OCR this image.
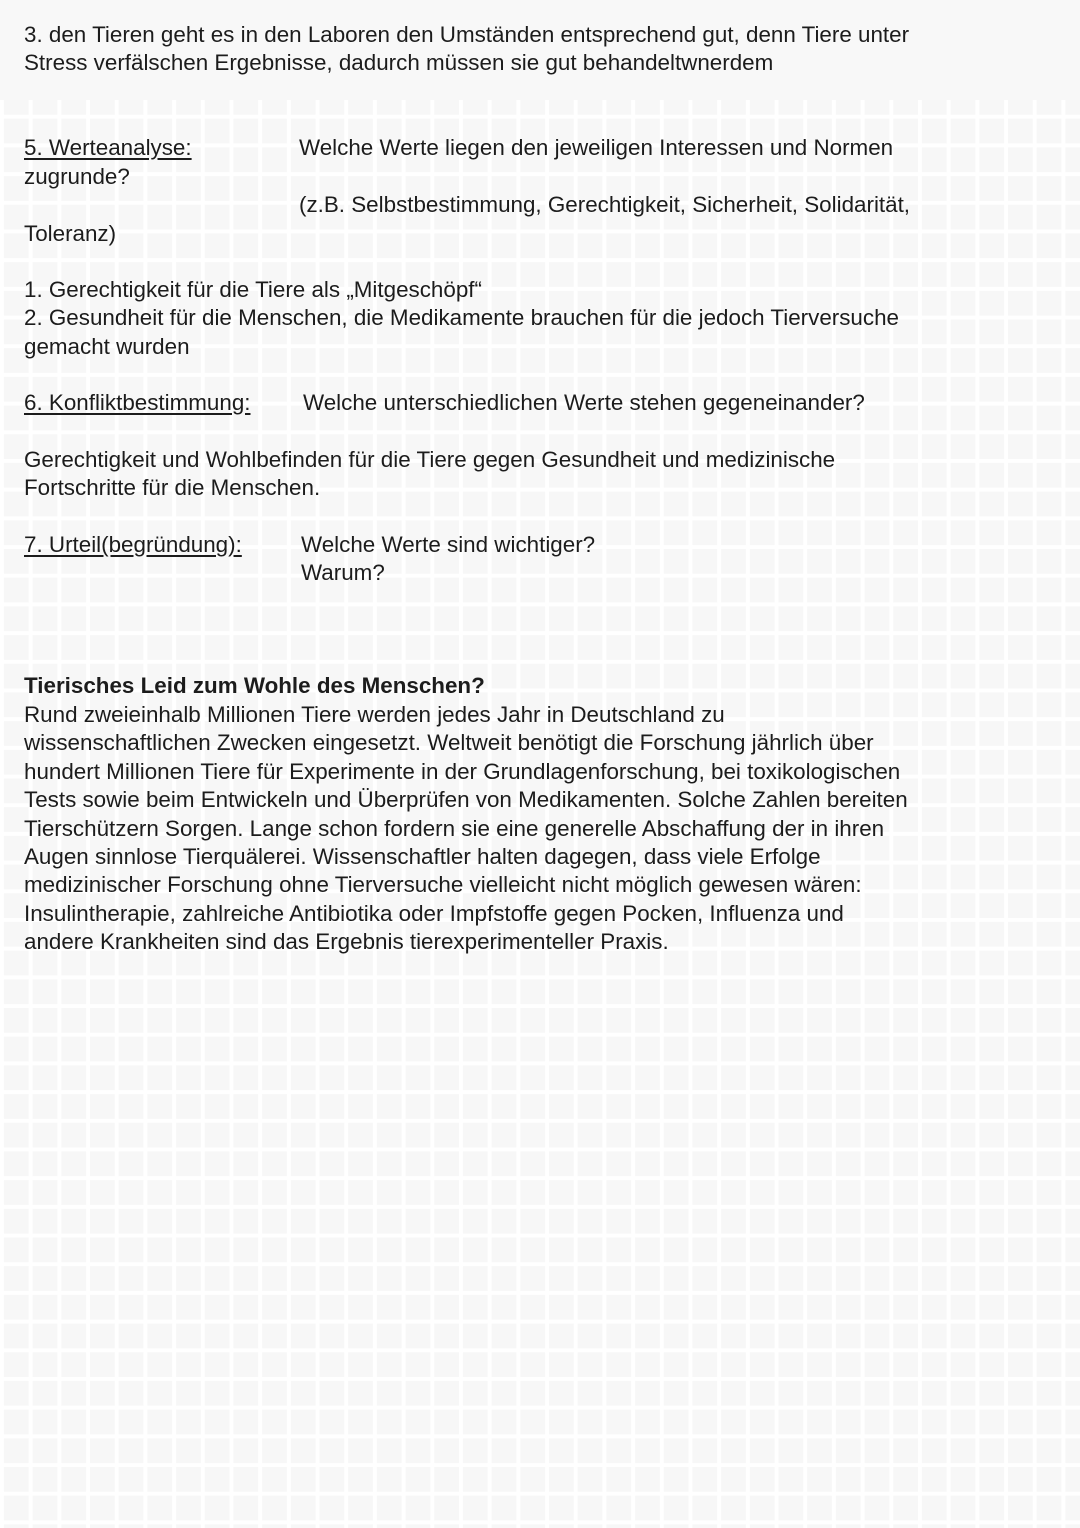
3. den Tieren geht es in den Laboren den Umständen entsprechend gut, denn Tiere unter

Stress verfälschen Ergebnisse, dadurch müssen sie gut behandeltwnerdem

5. Werteanalyse:	Welche Werte liegen den jeweiligen Interessen und Normen

zugrunde?

(z.B. Selbstbestimmung, Gerechtigkeit, Sicherheit, Solidarität,

Toleranz)

1. Gerechtigkeit für die Tiere als „Mitgeschöpf“

2. Gesundheit für die Menschen, die Medikamente brauchen für die jedoch Tierversuche

gemacht wurden

6. Konfliktbestimmung: Welche unterschiedlichen Werte stehen gegeneinander?

Gerechtigkeit und Wohlbefinden für die Tiere gegen Gesundheit und medizinische

Fortschritte für die Menschen.

7. Urteil(begründung):	Welche Werte sind wichtiger?

Warum?

Tierisches Leid zum Wohle des Menschen?

Rund zweieinhalb Millionen Tiere werden jedes Jahr in Deutschland zu

wissenschaftlichen Zwecken eingesetzt. Weltweit benötigt die Forschung jährlich über

hundert Millionen Tiere für Experimente in der Grundlagenforschung, bei toxikologischen

Tests sowie beim Entwickeln und Überprüfen von Medikamenten. Solche Zahlen bereiten

Tierschützern Sorgen. Lange schon fordern sie eine generelle Abschaffung der in ihren

Augen sinnlose Tierquälerei. Wissenschaftler halten dagegen, dass viele Erfolge

medizinischer Forschung ohne Tierversuche vielleicht nicht möglich gewesen wären:

Insulintherapie, zahlreiche Antibiotika oder Impfstoffe gegen Pocken, Influenza und

andere Krankheiten sind das Ergebnis tierexperimenteller Praxis.
